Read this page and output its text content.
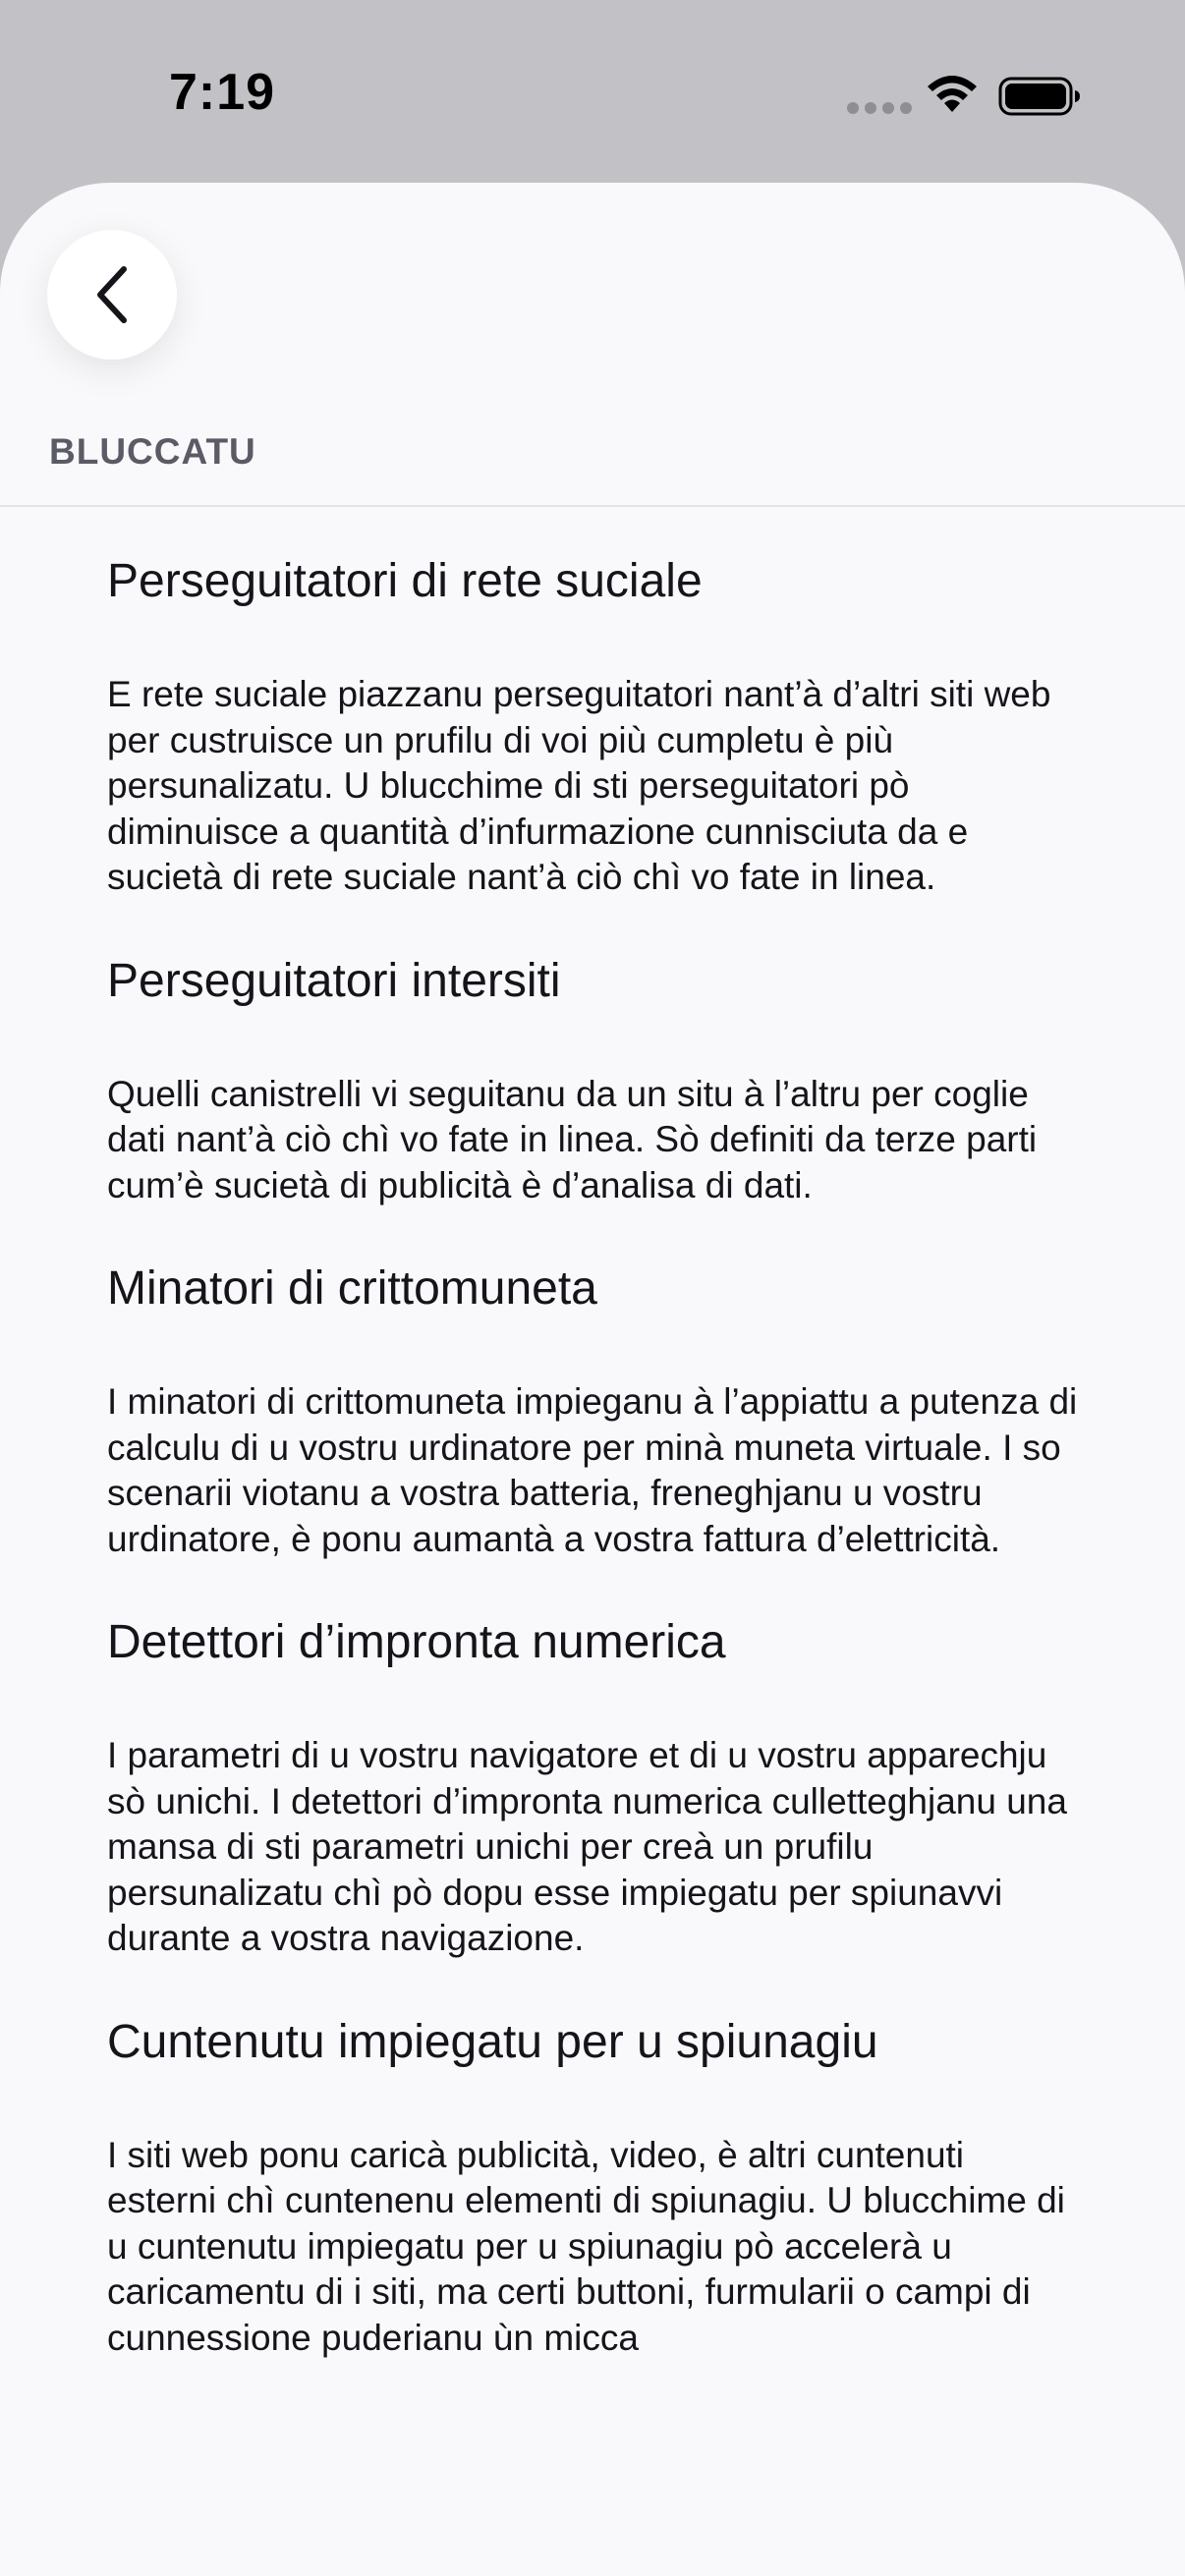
7:19
BLUCCATU
Perseguitatori di rete suciale

E rete suciale piazzanu perseguitatori nant’à d’altri siti web per custruisce un prufilu di voi più cumpletu è più persunalizatu. U blucchime di sti perseguitatori pò diminuisce a quantità d’infurmazione cunnisciuta da e sucietà di rete suciale nant’à ciò chì vo fate in linea.

Perseguitatori intersiti

Quelli canistrelli vi seguitanu da un situ à l’altru per coglie dati nant’à ciò chì vo fate in linea. Sò definiti da terze parti cum’è sucietà di publicità è d’analisa di dati.

Minatori di crittomuneta

I minatori di crittomuneta impieganu à l’appiattu a putenza di calculu di u vostru urdinatore per minà muneta virtuale. I so scenarii viotanu a vostra batteria, freneghjanu u vostru urdinatore, è ponu aumantà a vostra fattura d’elettricità.

Detettori d’impronta numerica

I parametri di u vostru navigatore et di u vostru apparechju sò unichi. I detettori d’impronta numerica culletteghjanu una mansa di sti parametri unichi per creà un prufilu persunalizatu chì pò dopu esse impiegatu per spiunavvi durante a vostra navigazione.

Cuntenutu impiegatu per u spiunagiu

I siti web ponu caricà publicità, video, è altri cuntenuti esterni chì cuntenenu elementi di spiunagiu. U blucchime di u cuntenutu impiegatu per u spiunagiu pò accelerà u caricamentu di i siti, ma certi buttoni, furmularii o campi di cunnessione puderianu ùn micca
